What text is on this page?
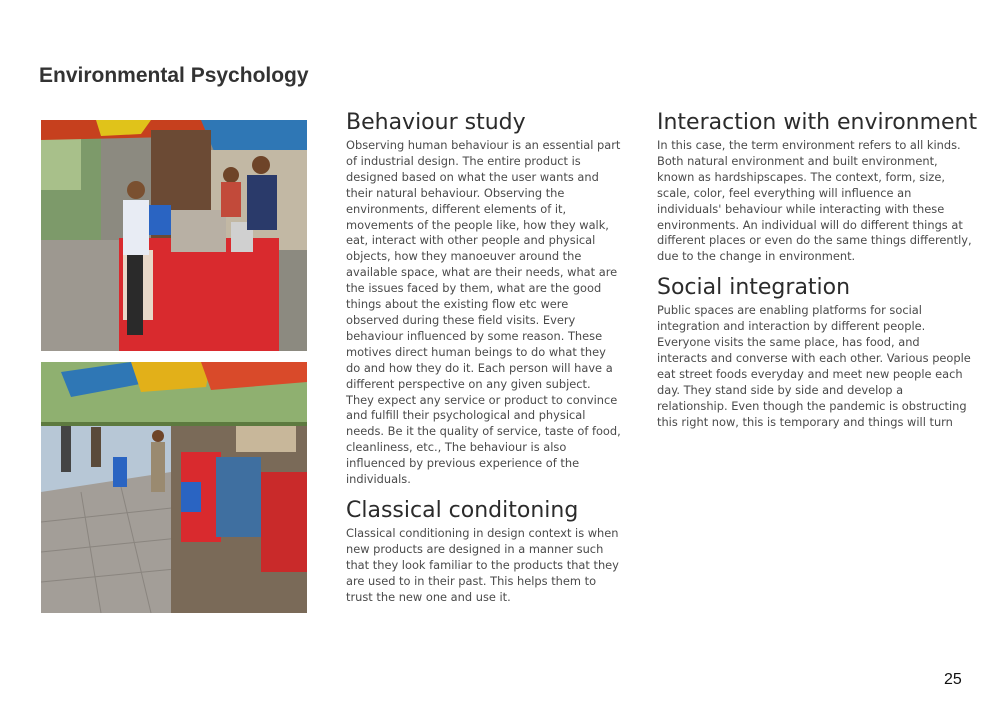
Environmental Psychology
Behaviour study

Observing human behaviour is an essential part of industrial design. The entire product is designed based on what the user wants and their natural behaviour. Observing the environments, different elements of it, movements of the people like, how they walk, eat, interact with other people and physical objects, how they manoeuver around the available space, what are their needs, what are the issues faced by them, what are the good things about the existing flow etc were observed during these field visits. Every behaviour influenced by some reason. These motives direct human beings to do what they do and how they do it. Each person will have a different perspective on any given subject. They expect any service or product to convince and fulfill their psychological and physical needs. Be it the quality of service, taste of food, cleanliness, etc., The behaviour is also influenced by previous experience of the individuals.

Classical conditoning

Classical conditioning in design context is when new products are designed in a manner such that they look familiar to the products that they are used to in their past. This helps them to trust the new one and use it.

Interaction with environment

In this case, the term environment refers to all kinds. Both natural environment and built environment, known as hardshipscapes. The context, form, size, scale, color, feel everything will influence an individuals' behaviour while interacting with these environments. An individual will do different things at different places or even do the same things differently, due to the change in environment.

Social integration

Public spaces are enabling platforms for social integration and interaction by different people. Everyone visits the same place, has food, and interacts and converse with each other. Various people eat street foods everyday and meet new people each day. They stand side by side and develop a relationship. Even though the pandemic is obstructing this right now, this is temporary and things will turn

25
